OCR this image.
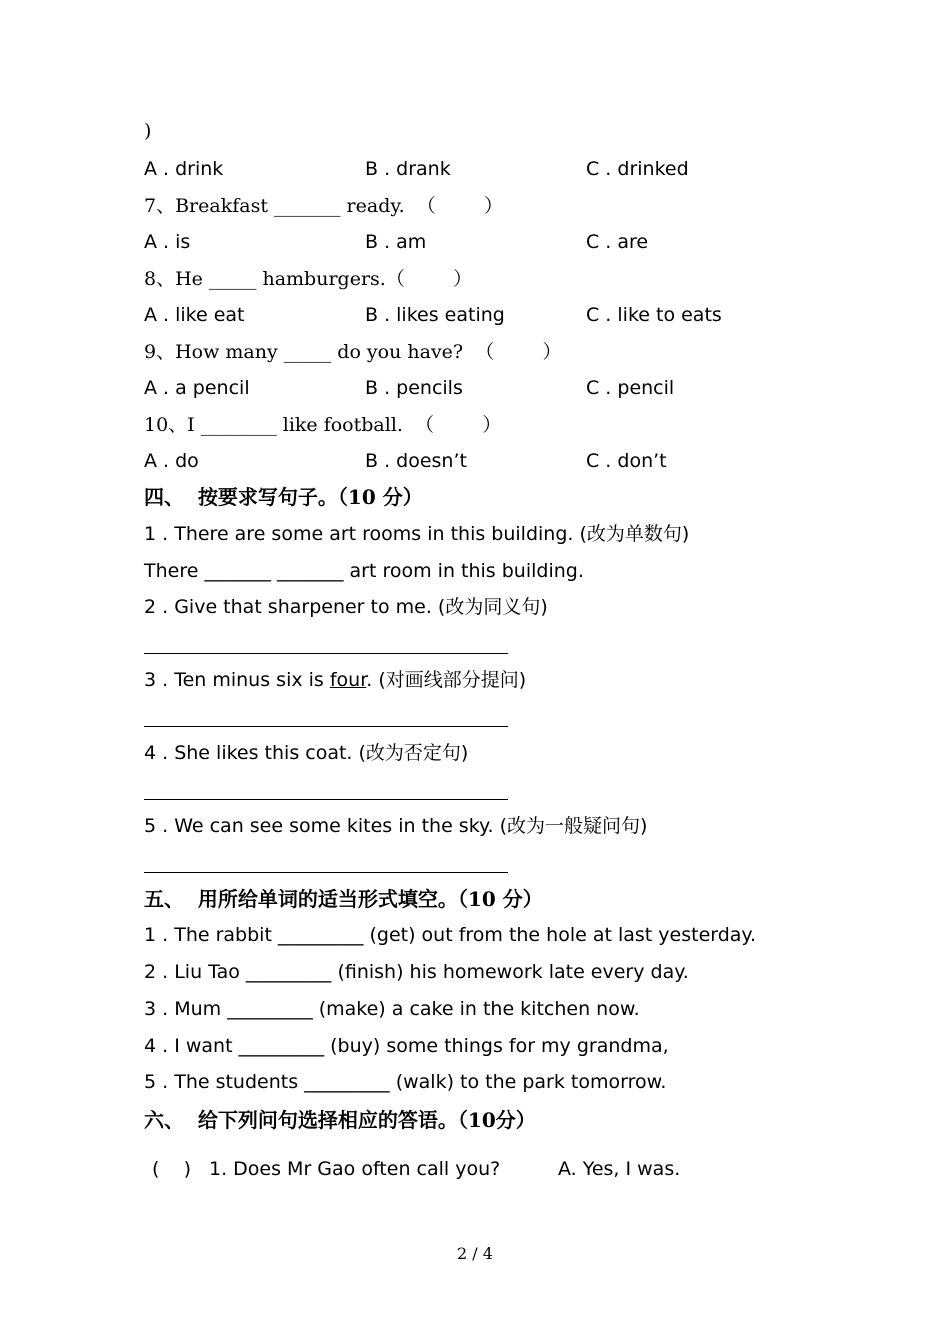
)
A . drink	B . drank	C . drinked
7、Breakfast _______ ready.  （        ）
A . is	B . am	C . are
8、He _____ hamburgers.（        ）
A . like eat	B . likes eating	C . like to eats
9、How many _____ do you have?  （        ）
A . a pencil	B . pencils	C . pencil
10、I ________ like football.  （        ）
A . do	B . doesn’t	C . don’t
四、  按要求写句子。（10 分）
1 . There are some art rooms in this building. (改为单数句)
There _______ _______ art room in this building.
2 . Give that sharpener to me. (改为同义句)
3 . Ten minus six is four. (对画线部分提问)
4 . She likes this coat. (改为否定句)
5 . We can see some kites in the sky. (改为一般疑问句)
五、  用所给单词的适当形式填空。（10 分）
1 . The rabbit _________ (get) out from the hole at last yesterday.
2 . Liu Tao _________ (finish) his homework late every day.
3 . Mum _________ (make) a cake in the kitchen now.
4 . I want _________ (buy) some things for my grandma,
5 . The students _________ (walk) to the park tomorrow.
六、  给下列问句选择相应的答语。（10分）
(    ) 1. Does Mr Gao often call you?	A. Yes, I was.
2 / 4
